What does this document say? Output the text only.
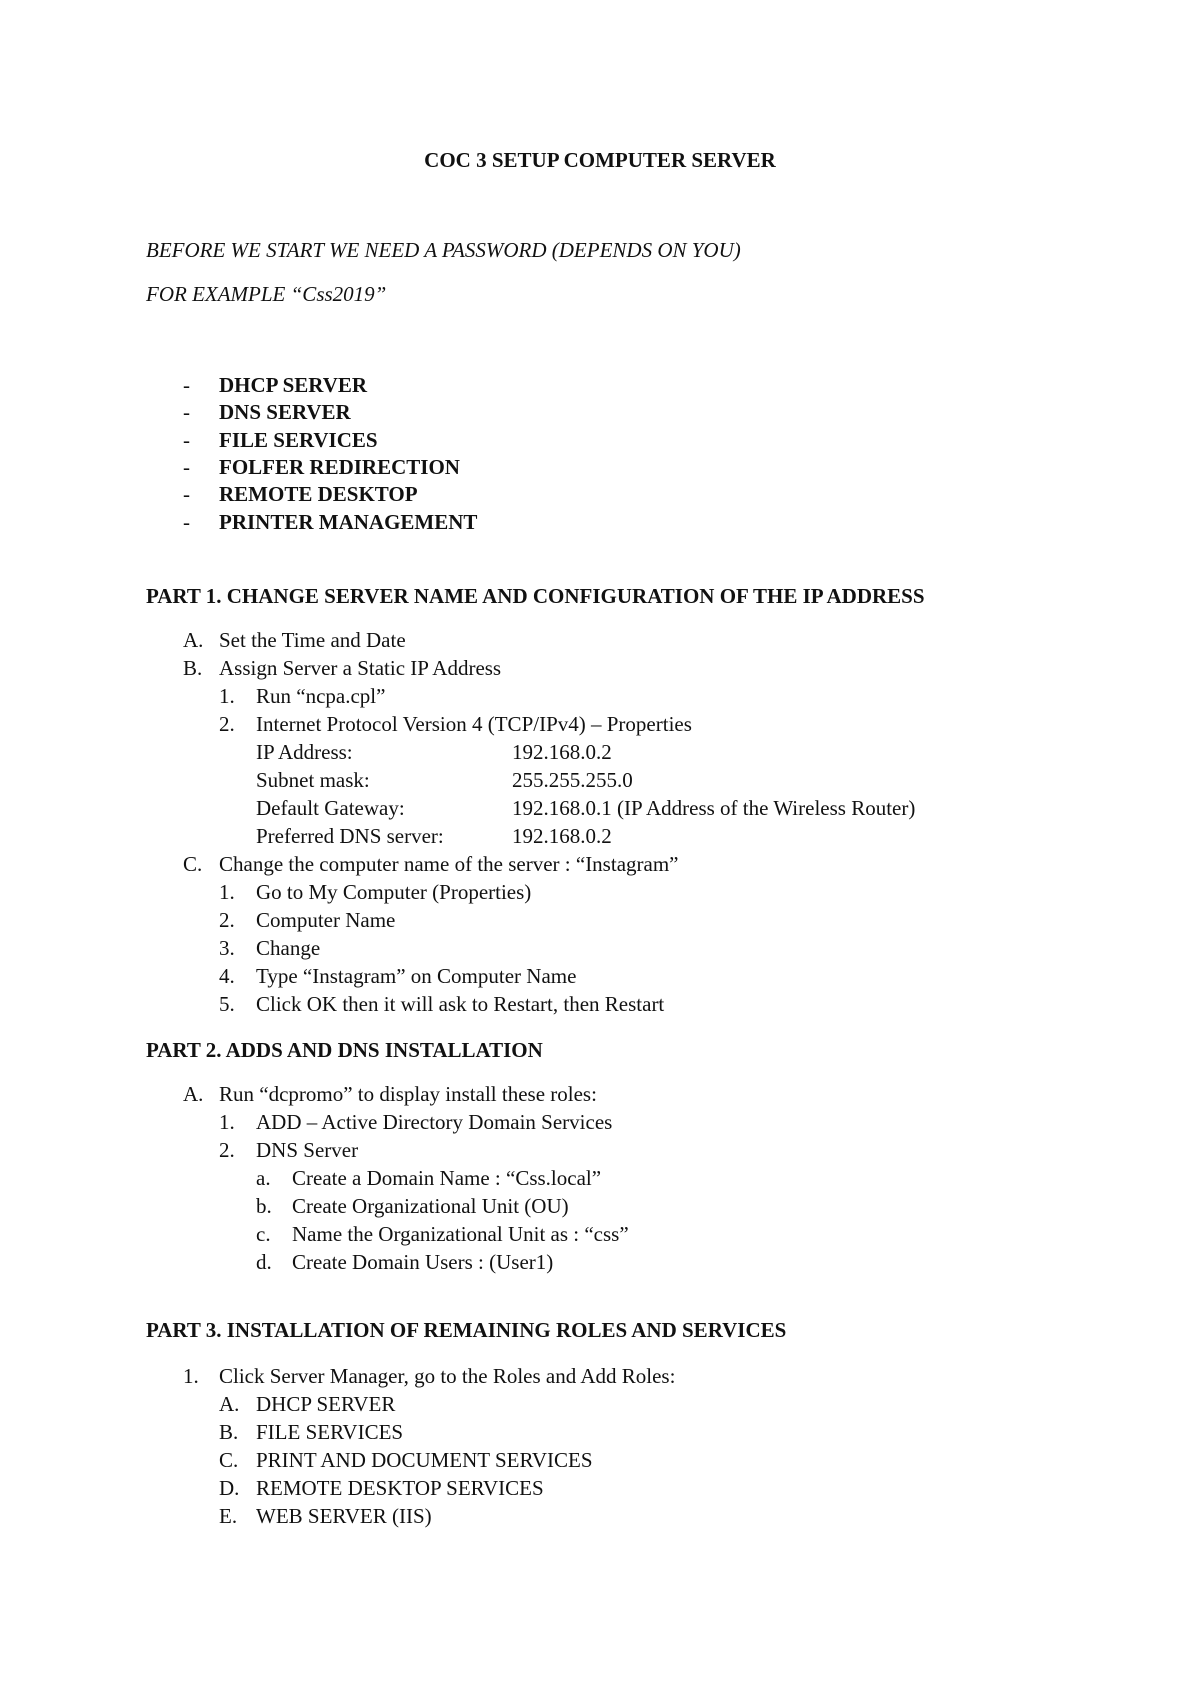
COC 3 SETUP COMPUTER SERVER
BEFORE WE START WE NEED A PASSWORD (DEPENDS ON YOU)
FOR EXAMPLE “Css2019”
- DHCP SERVER
- DNS SERVER
- FILE SERVICES
- FOLFER REDIRECTION
- REMOTE DESKTOP
- PRINTER MANAGEMENT
PART 1. CHANGE SERVER NAME AND CONFIGURATION OF THE IP ADDRESS
A. Set the Time and Date
B. Assign Server a Static IP Address
1. Run “ncpa.cpl”
2. Internet Protocol Version 4 (TCP/IPv4) – Properties
IP Address:	192.168.0.2
Subnet mask:	255.255.255.0
Default Gateway:	192.168.0.1 (IP Address of the Wireless Router)
Preferred DNS server:	192.168.0.2
C. Change the computer name of the server : “Instagram”
1. Go to My Computer (Properties)
2. Computer Name
3. Change
4. Type “Instagram” on Computer Name
5. Click OK then it will ask to Restart, then Restart
PART 2. ADDS AND DNS INSTALLATION
A. Run “dcpromo” to display install these roles:
1. ADD – Active Directory Domain Services
2. DNS Server
a. Create a Domain Name : “Css.local”
b. Create Organizational Unit (OU)
c. Name the Organizational Unit as : “css”
d. Create Domain Users : (User1)
PART 3. INSTALLATION OF REMAINING ROLES AND SERVICES
1. Click Server Manager, go to the Roles and Add Roles:
A. DHCP SERVER
B. FILE SERVICES
C. PRINT AND DOCUMENT SERVICES
D. REMOTE DESKTOP SERVICES
E. WEB SERVER (IIS)
